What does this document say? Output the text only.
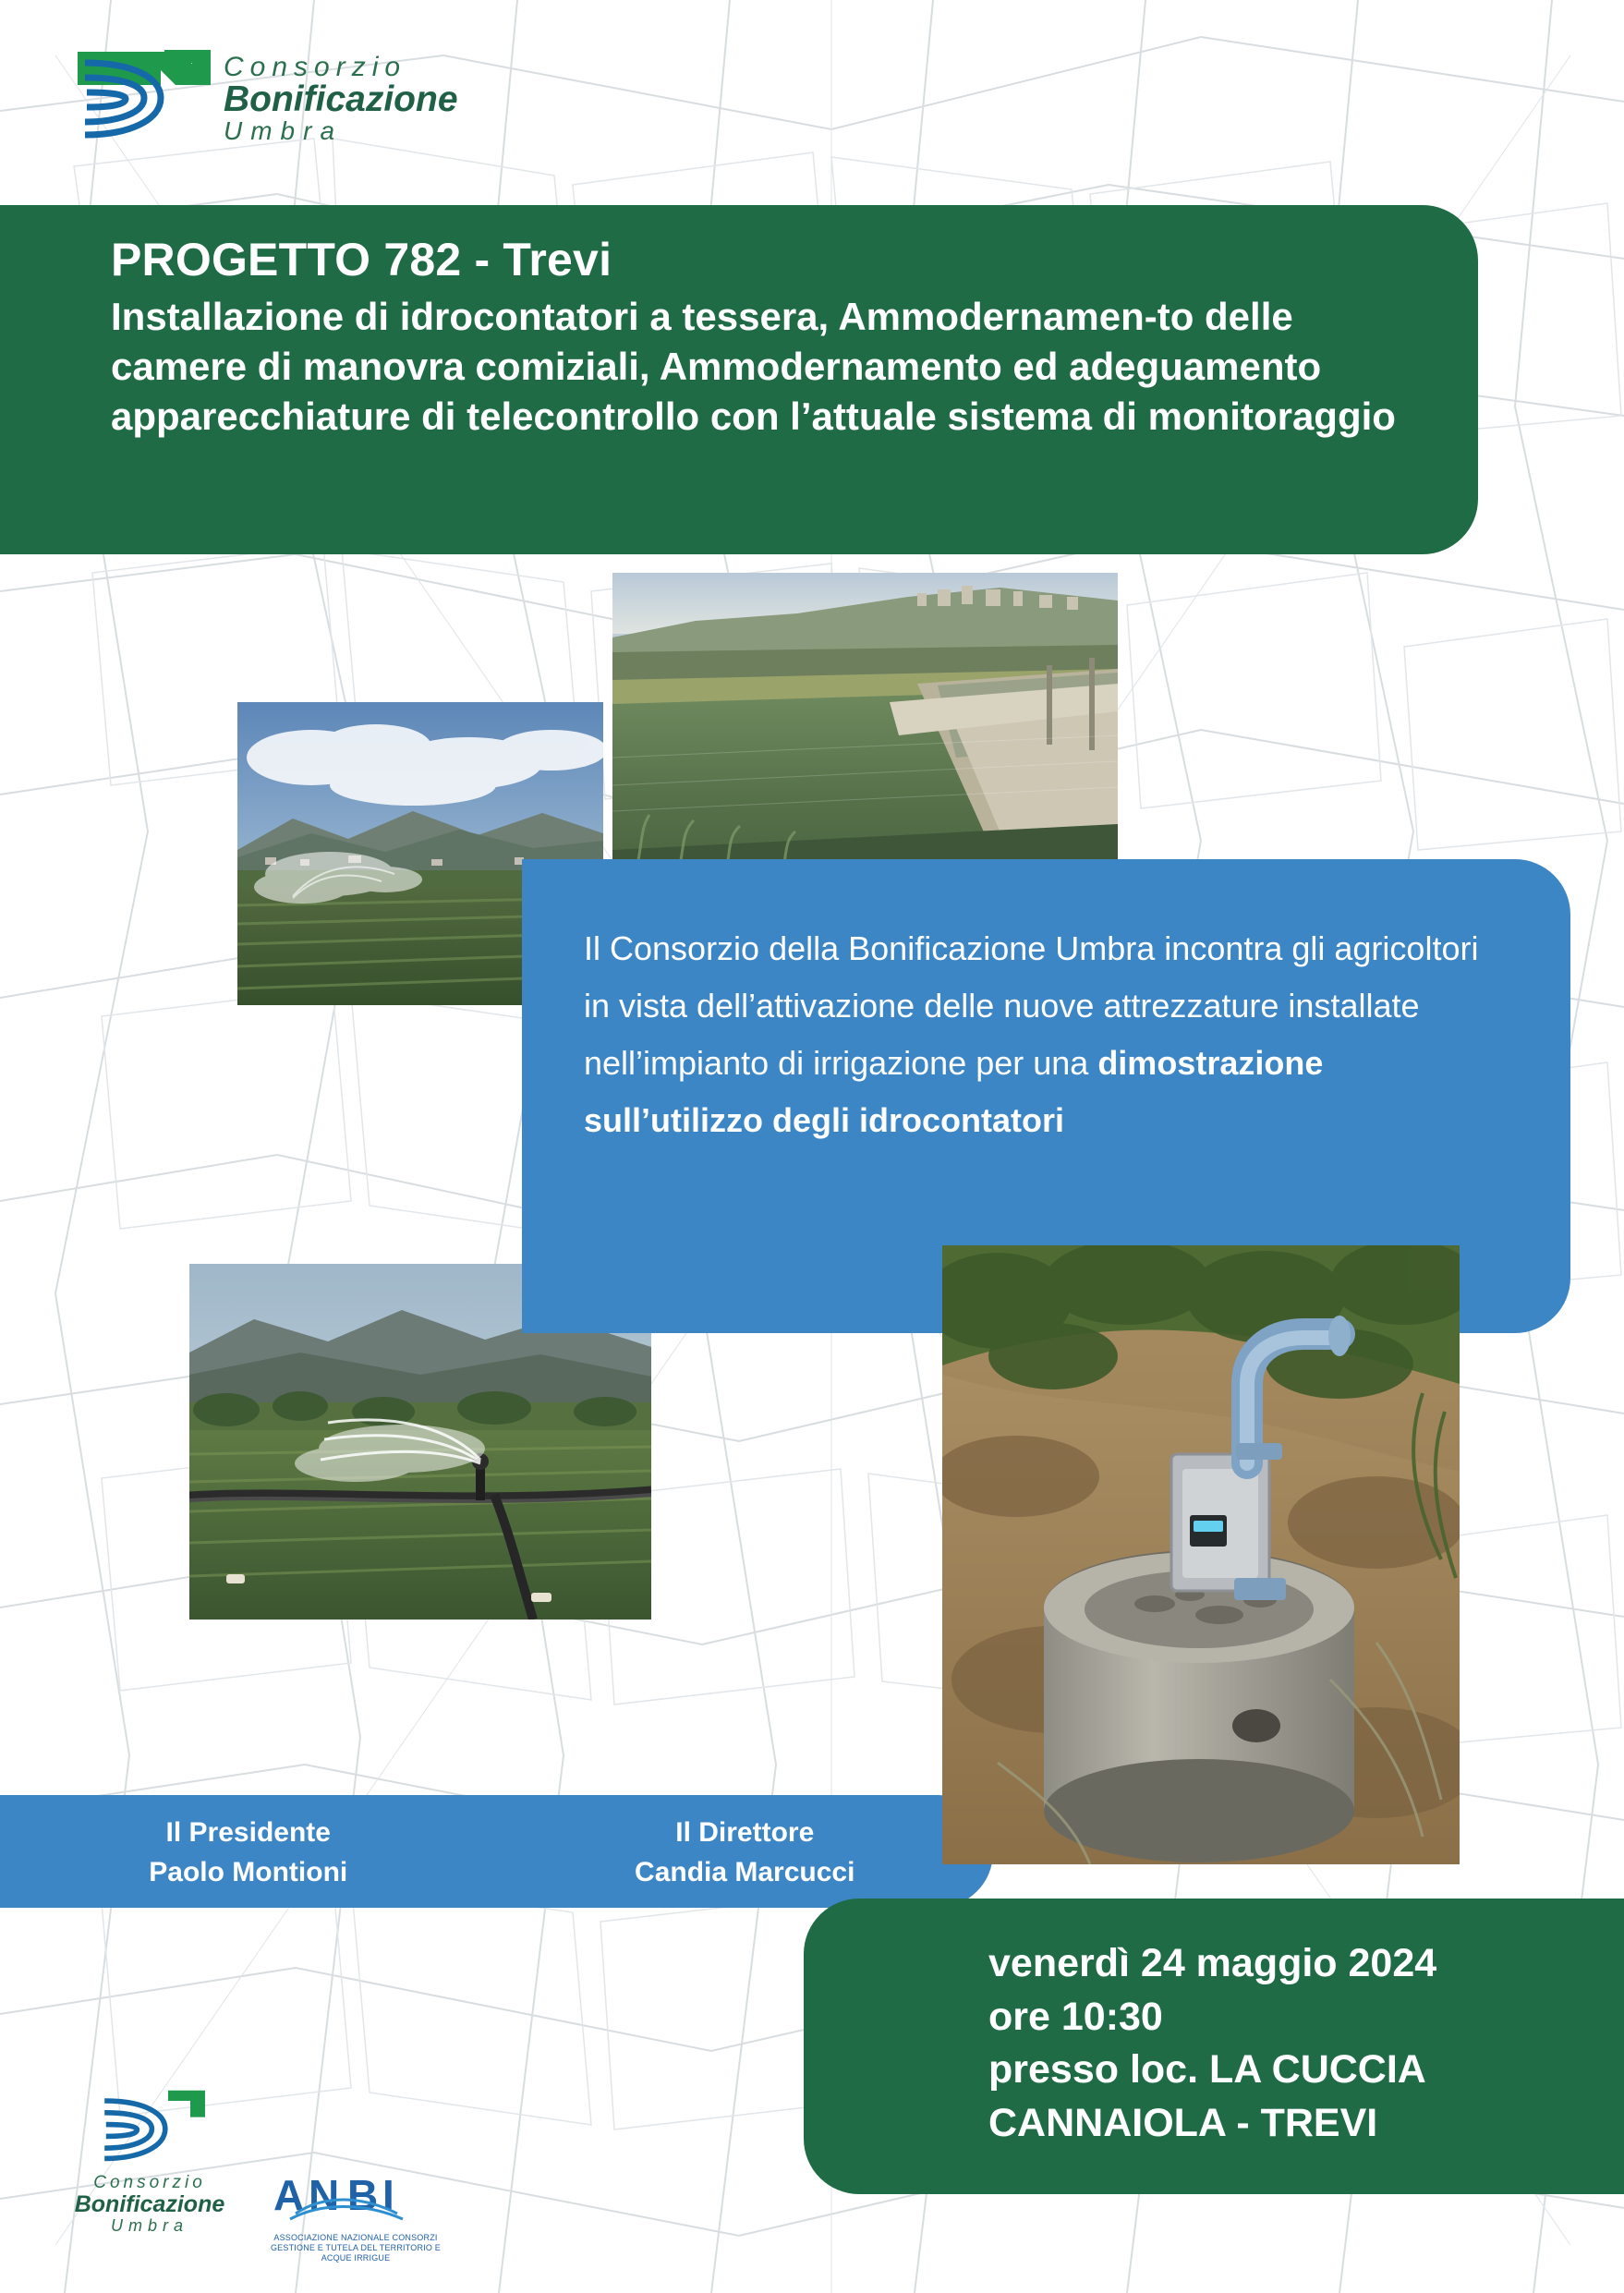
Consorzio
Bonificazione
Umbra
PROGETTO 782 - Trevi
Installazione di idrocontatori a tessera, Ammodernamen-to delle camere di manovra comiziali, Ammodernamento ed adeguamento apparecchiature di telecontrollo con l’attuale sistema di monitoraggio
Il Consorzio della Bonificazione Umbra incontra gli agricoltori in vista dell’attivazione delle nuove attrezzature installate nell’impianto di irrigazione per una dimostrazione sull’utilizzo degli idrocontatori
Il Presidente
Paolo Montioni
Il Direttore
Candia Marcucci
venerdì 24 maggio 2024
ore 10:30
presso loc. LA CUCCIA
CANNAIOLA - TREVI
Consorzio
Bonificazione
Umbra
A N B I
ASSOCIAZIONE NAZIONALE CONSORZI GESTIONE E TUTELA DEL TERRITORIO E ACQUE IRRIGUE
